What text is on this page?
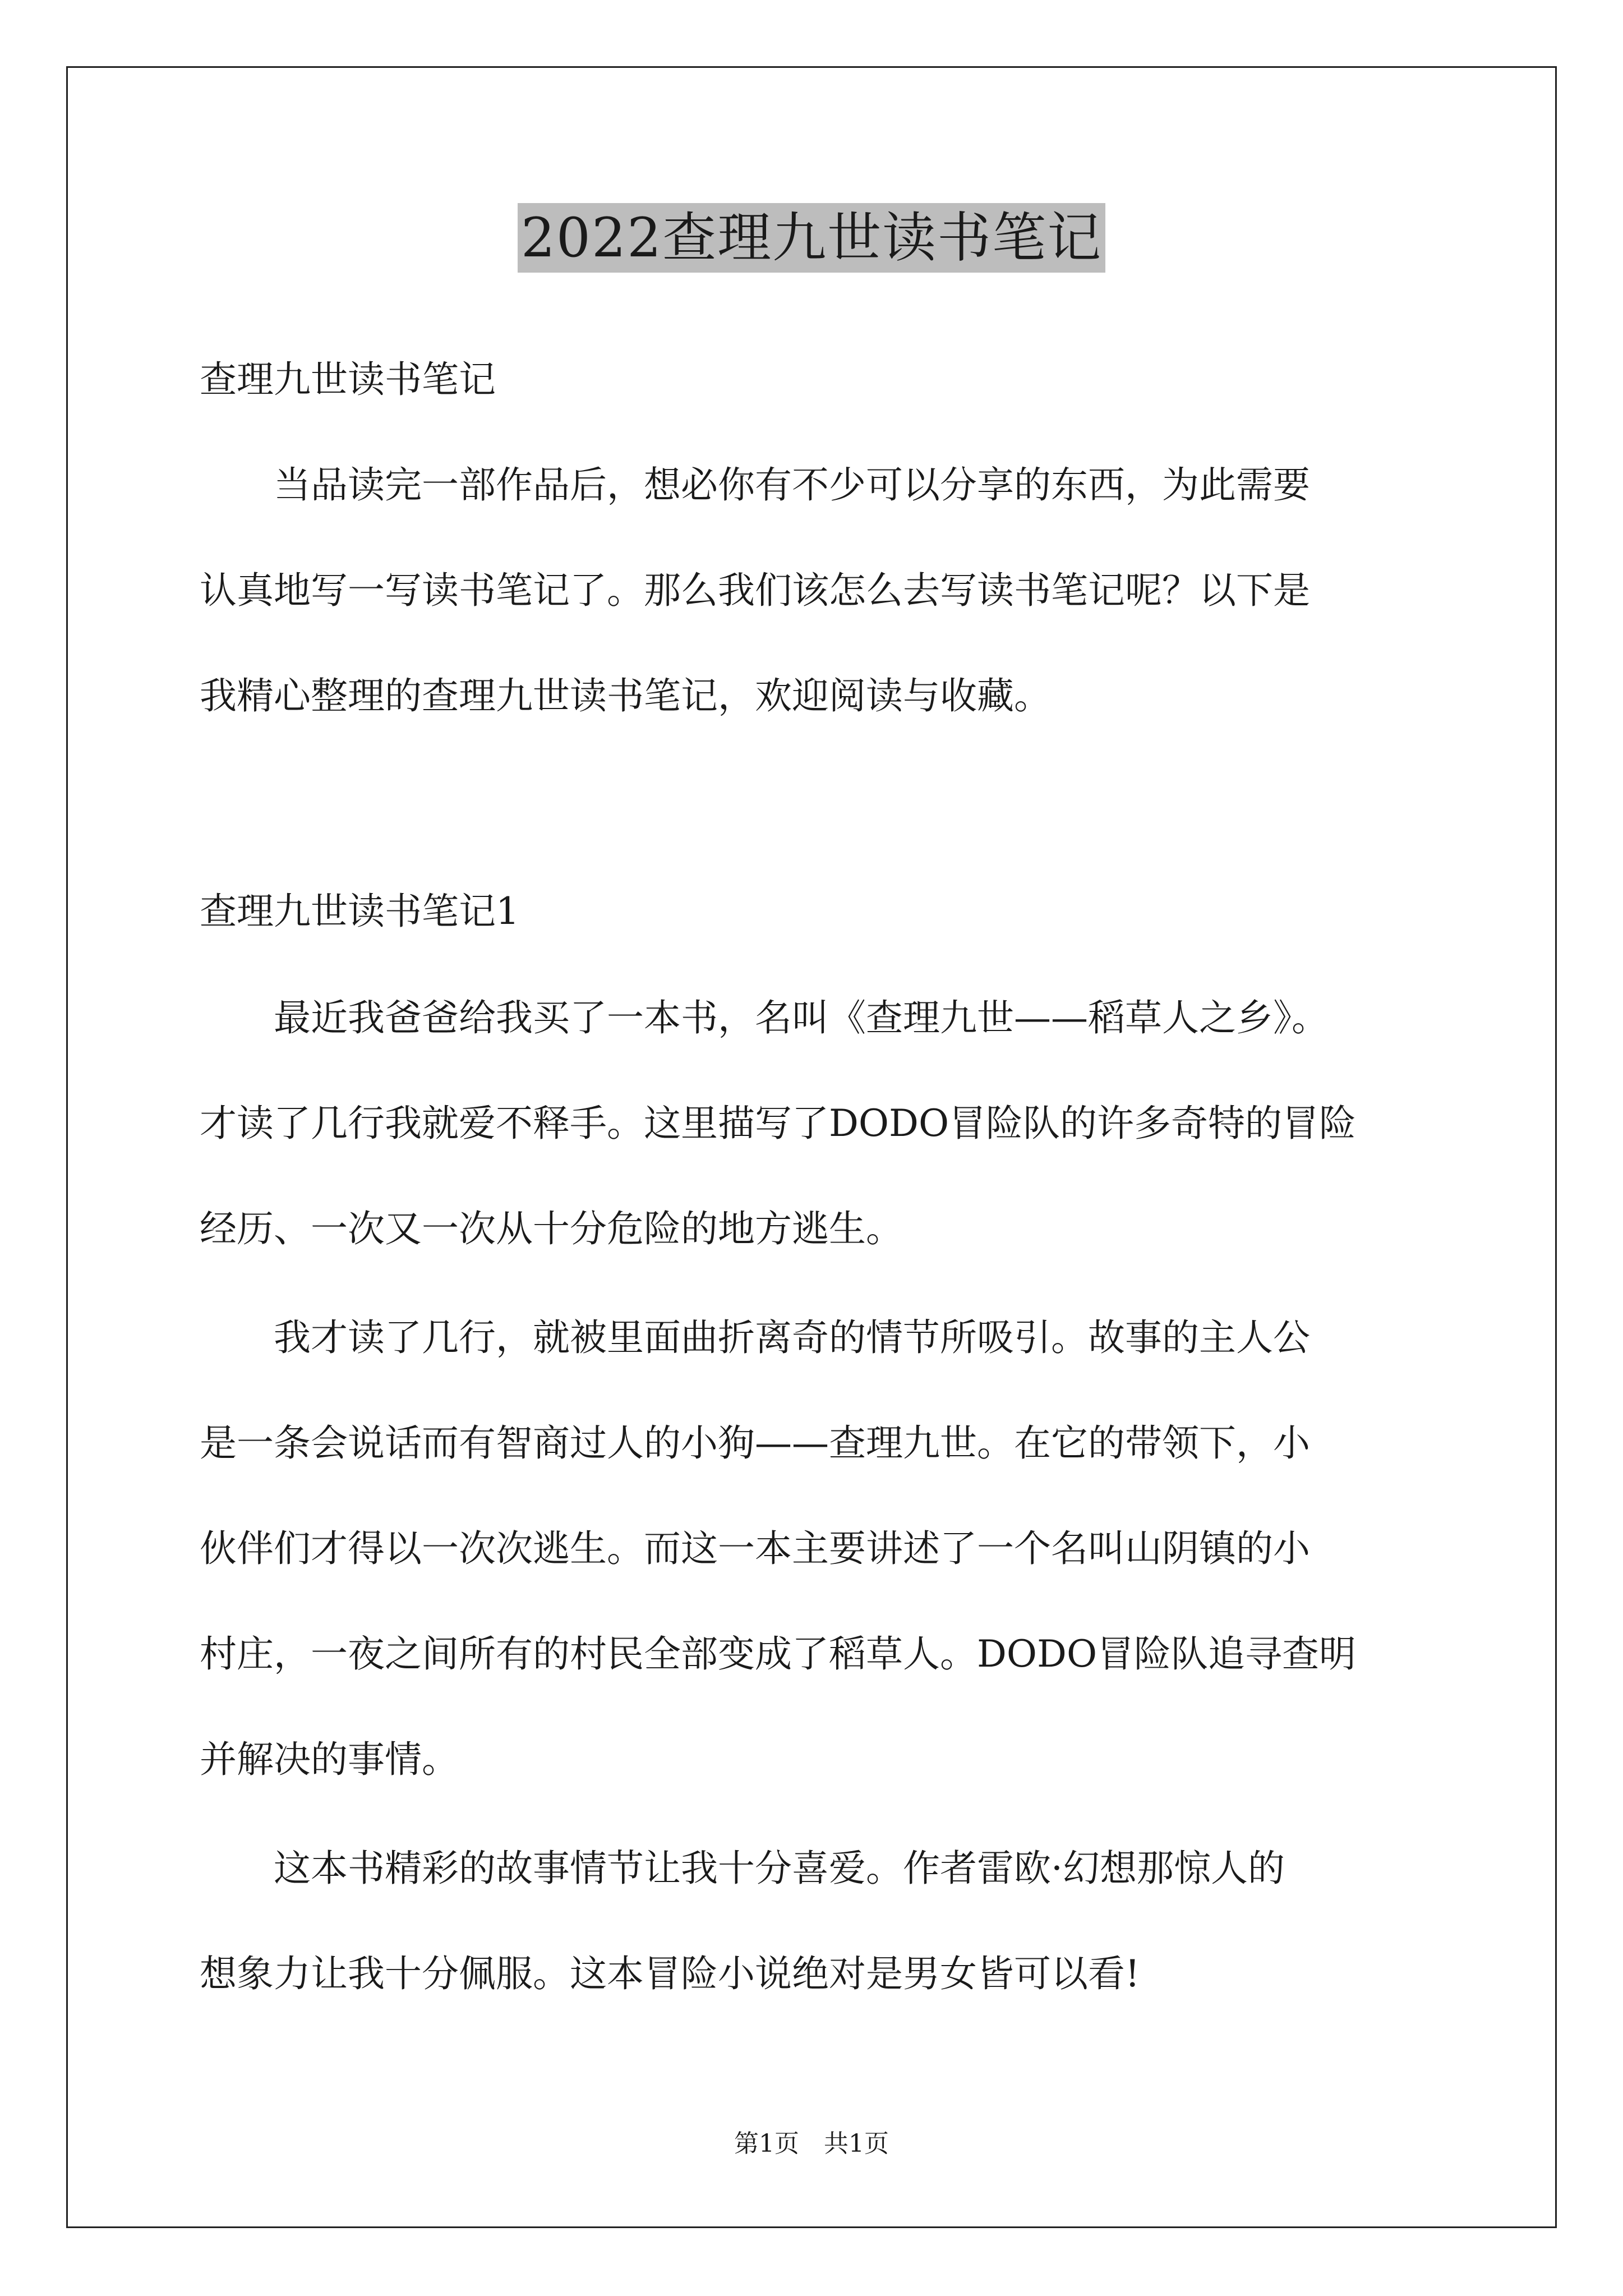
2022查理九世读书笔记
查理九世读书笔记
　　当品读完一部作品后，想必你有不少可以分享的东西，为此需要
认真地写一写读书笔记了。那么我们该怎么去写读书笔记呢？以下是
我精心整理的查理九世读书笔记，欢迎阅读与收藏。
查理九世读书笔记1
　　最近我爸爸给我买了一本书，名叫《查理九世——稻草人之乡》。
才读了几行我就爱不释手。这里描写了DODO冒险队的许多奇特的冒险
经历、一次又一次从十分危险的地方逃生。
　　我才读了几行，就被里面曲折离奇的情节所吸引。故事的主人公
是一条会说话而有智商过人的小狗——查理九世。在它的带领下，小
伙伴们才得以一次次逃生。而这一本主要讲述了一个名叫山阴镇的小
村庄，一夜之间所有的村民全部变成了稻草人。DODO冒险队追寻查明
并解决的事情。
　　这本书精彩的故事情节让我十分喜爱。作者雷欧·幻想那惊人的
想象力让我十分佩服。这本冒险小说绝对是男女皆可以看!
第1页　共1页
